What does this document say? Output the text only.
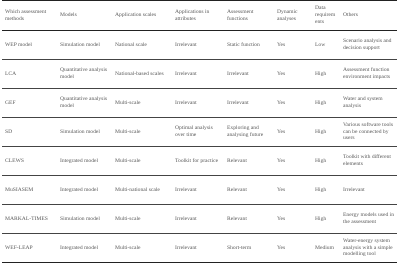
Which assessment methods	Models	Application scales	Applications in attributes	Assessment functions	Dynamic analyses	Data requirements	Others
WEP model	Simulation model	National scale	Irrelevant	Static function	Yes	Low	Scenario analysis and decision support
LCA	Quantitative analysis model	National-based scales	Irrelevant	Irrelevant	Yes	High	Assessment function environment impacts
GEF	Quantitative analysis model	Multi-scale	Irrelevant	Irrelevant	Yes	High	Water and system analysis
SD	Simulation model	Multi-scale	Optimal analysis over time	Exploring and analysing future	Yes	High	Various software tools can be connected by users
CLEWS	Integrated model	Multi-scale	Toolkit for practice	Relevant	Yes	High	Toolkit with different elements
MuSIASEM	Integrated model	Multi-national scale	Irrelevant	Relevant	Yes	High	Irrelevant
MARKAL-TIMES	Simulation model	Multi-scale	Irrelevant	Relevant	Yes	High	Energy models used in the assessment
WEF-LEAP	Integrated model	Multi-scale	Irrelevant	Short-term	Yes	Medium	Water-energy system analysis with a simple modelling tool
